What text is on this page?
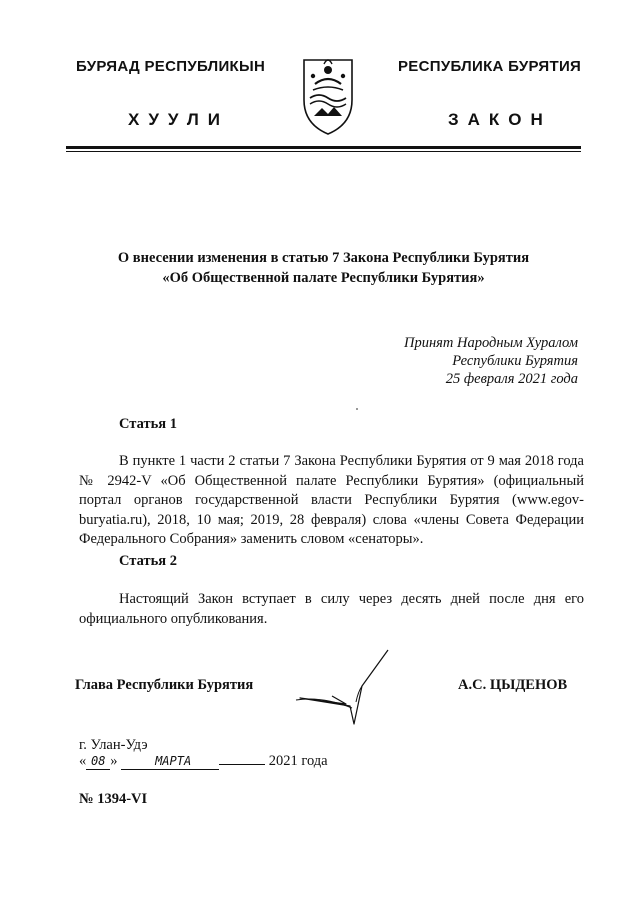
БУРЯАД РЕСПУБЛИКЫН	РЕСПУБЛИКА БУРЯТИЯ
ХУУЛИ	ЗАКОН
О внесении изменения в статью 7 Закона Республики Бурятия
«Об Общественной палате Республики Бурятия»
Принят Народным Хуралом
Республики Бурятия
25 февраля 2021 года
Статья 1
В пункте 1 части 2 статьи 7 Закона Республики Бурятия от 9 мая 2018 года № 2942-V «Об Общественной палате Республики Бурятия» (официальный портал органов государственной власти Республики Бурятия (www.egov-buryatia.ru), 2018, 10 мая; 2019, 28 февраля) слова «члены Совета Федерации Федерального Собрания» заменить словом «сенаторы».
Статья 2
Настоящий Закон вступает в силу через десять дней после дня его официального опубликования.
Глава Республики Бурятия	А.С. ЦЫДЕНОВ
г. Улан-Удэ
« 08 »	МАРТА	2021 года
№ 1394-VI
